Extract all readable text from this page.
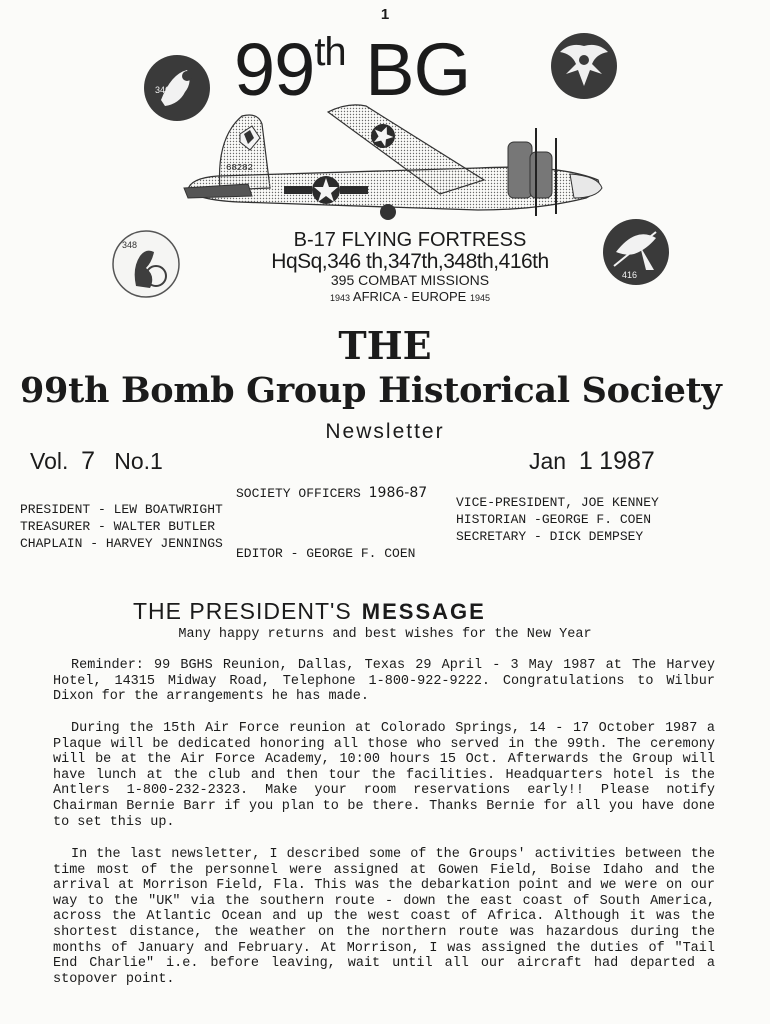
1
99th BG
346
348
416
68282
B-17 FLYING FORTRESS
HqSq,346 th,347th,348th,416th
395 COMBAT MISSIONS
1943 AFRICA - EUROPE 1945
THE
99th Bomb Group Historical Society
Newsletter
Vol. 7 No.1	Jan 1 1987
SOCIETY OFFICERS 1986-87
PRESIDENT - LEW BOATWRIGHT
TREASURER - WALTER BUTLER
CHAPLAIN - HARVEY JENNINGS
EDITOR - GEORGE F. COEN
VICE-PRESIDENT, JOE KENNEY
HISTORIAN -GEORGE F. COEN
SECRETARY - DICK DEMPSEY
THE PRESIDENT'S MESSAGE
Many happy returns and best wishes for the New Year
Reminder: 99 BGHS Reunion, Dallas, Texas 29 April - 3 May 1987 at The Harvey Hotel, 14315 Midway Road, Telephone 1-800-922-9222. Congratulations to Wilbur Dixon for the arrangements he has made.
During the 15th Air Force reunion at Colorado Springs, 14 - 17 October 1987 a Plaque will be dedicated honoring all those who served in the 99th. The ceremony will be at the Air Force Academy, 10:00 hours 15 Oct. Afterwards the Group will have lunch at the club and then tour the facilities. Headquarters hotel is the Antlers 1-800-232-2323. Make your room reservations early!! Please notify Chairman Bernie Barr if you plan to be there. Thanks Bernie for all you have done to set this up.
In the last newsletter, I described some of the Groups' activities between the time most of the personnel were assigned at Gowen Field, Boise Idaho and the arrival at Morrison Field, Fla. This was the debarkation point and we were on our way to the "UK" via the southern route - down the east coast of South America, across the Atlantic Ocean and up the west coast of Africa. Although it was the shortest distance, the weather on the northern route was hazardous during the months of January and February. At Morrison, I was assigned the duties of "Tail End Charlie" i.e. before leaving, wait until all our aircraft had departed a stopover point.
